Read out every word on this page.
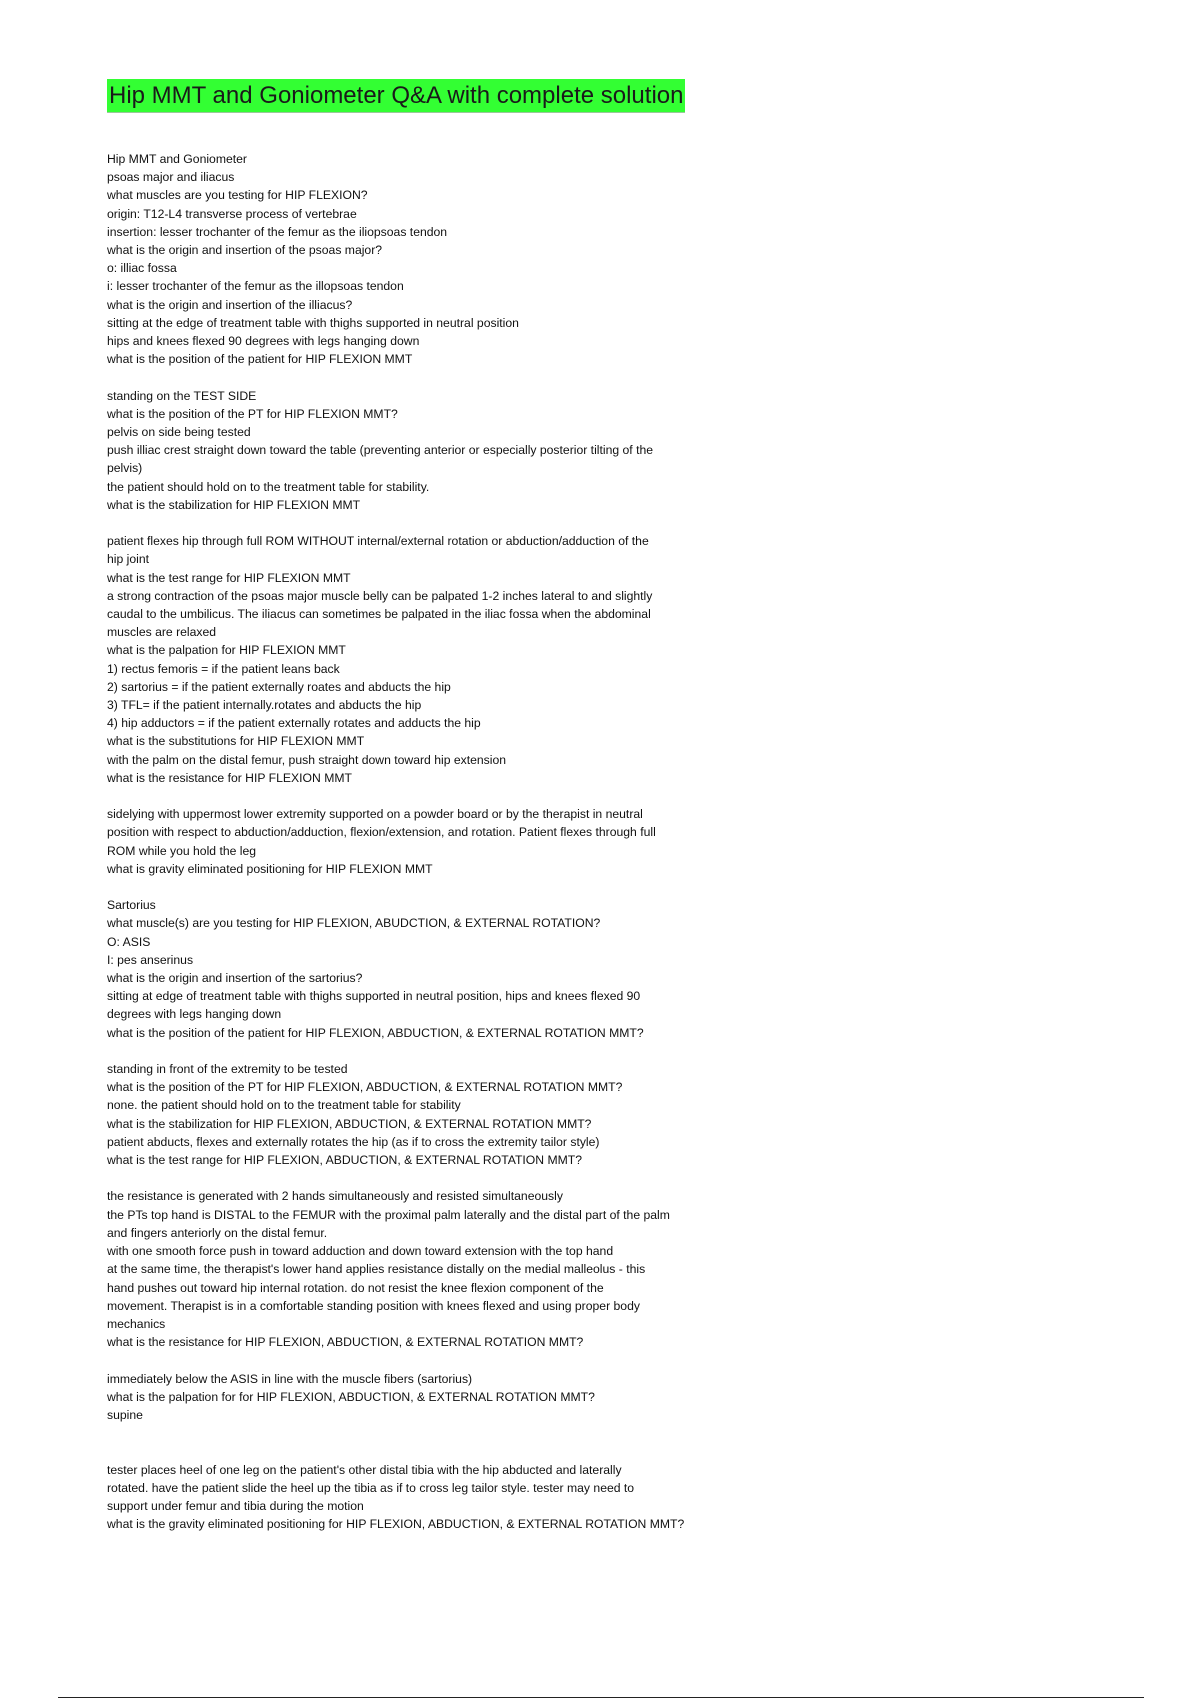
Hip MMT and Goniometer Q&A with complete solution

Hip MMT and Goniometer

psoas major and iliacus

what muscles are you testing for HIP FLEXION?

origin: T12-L4 transverse process of vertebrae

insertion: lesser trochanter of the femur as the iliopsoas tendon

what is the origin and insertion of the psoas major?

o: illiac fossa

i: lesser trochanter of the femur as the illopsoas tendon

what is the origin and insertion of the illiacus?

sitting at the edge of treatment table with thighs supported in neutral position

hips and knees flexed 90 degrees with legs hanging down

what is the position of the patient for HIP FLEXION MMT

standing on the TEST SIDE

what is the position of the PT for HIP FLEXION MMT?

pelvis on side being tested

push illiac crest straight down toward the table (preventing anterior or especially posterior tilting of the

pelvis)

the patient should hold on to the treatment table for stability.

what is the stabilization for HIP FLEXION MMT

patient flexes hip through full ROM WITHOUT internal/external rotation or abduction/adduction of the

hip joint

what is the test range for HIP FLEXION MMT

a strong contraction of the psoas major muscle belly can be palpated 1-2 inches lateral to and slightly

caudal to the umbilicus. The iliacus can sometimes be palpated in the iliac fossa when the abdominal

muscles are relaxed

what is the palpation for HIP FLEXION MMT

1) rectus femoris = if the patient leans back

2) sartorius = if the patient externally roates and abducts the hip

3) TFL= if the patient internally.rotates and abducts the hip

4) hip adductors = if the patient externally rotates and adducts the hip

what is the substitutions for HIP FLEXION MMT

with the palm on the distal femur, push straight down toward hip extension

what is the resistance for HIP FLEXION MMT

sidelying with uppermost lower extremity supported on a powder board or by the therapist in neutral

position with respect to abduction/adduction, flexion/extension, and rotation. Patient flexes through full

ROM while you hold the leg

what is gravity eliminated positioning for HIP FLEXION MMT

Sartorius

what muscle(s) are you testing for HIP FLEXION, ABUDCTION, & EXTERNAL ROTATION?

O: ASIS

I: pes anserinus

what is the origin and insertion of the sartorius?

sitting at edge of treatment table with thighs supported in neutral position, hips and knees flexed 90

degrees with legs hanging down

what is the position of the patient for HIP FLEXION, ABDUCTION, & EXTERNAL ROTATION MMT?

standing in front of the extremity to be tested

what is the position of the PT for HIP FLEXION, ABDUCTION, & EXTERNAL ROTATION MMT?

none. the patient should hold on to the treatment table for stability

what is the stabilization for HIP FLEXION, ABDUCTION, & EXTERNAL ROTATION MMT?

patient abducts, flexes and externally rotates the hip (as if to cross the extremity tailor style)

what is the test range for HIP FLEXION, ABDUCTION, & EXTERNAL ROTATION MMT?

the resistance is generated with 2 hands simultaneously and resisted simultaneously

the PTs top hand is DISTAL to the FEMUR with the proximal palm laterally and the distal part of the palm

and fingers anteriorly on the distal femur.

with one smooth force push in toward adduction and down toward extension with the top hand

at the same time, the therapist's lower hand applies resistance distally on the medial malleolus - this

hand pushes out toward hip internal rotation. do not resist the knee flexion component of the

movement. Therapist is in a comfortable standing position with knees flexed and using proper body

mechanics

what is the resistance for HIP FLEXION, ABDUCTION, & EXTERNAL ROTATION MMT?

immediately below the ASIS in line with the muscle fibers (sartorius)

what is the palpation for for HIP FLEXION, ABDUCTION, & EXTERNAL ROTATION MMT?

supine

tester places heel of one leg on the patient's other distal tibia with the hip abducted and laterally

rotated. have the patient slide the heel up the tibia as if to cross leg tailor style. tester may need to

support under femur and tibia during the motion

what is the gravity eliminated positioning for HIP FLEXION, ABDUCTION, & EXTERNAL ROTATION MMT?
